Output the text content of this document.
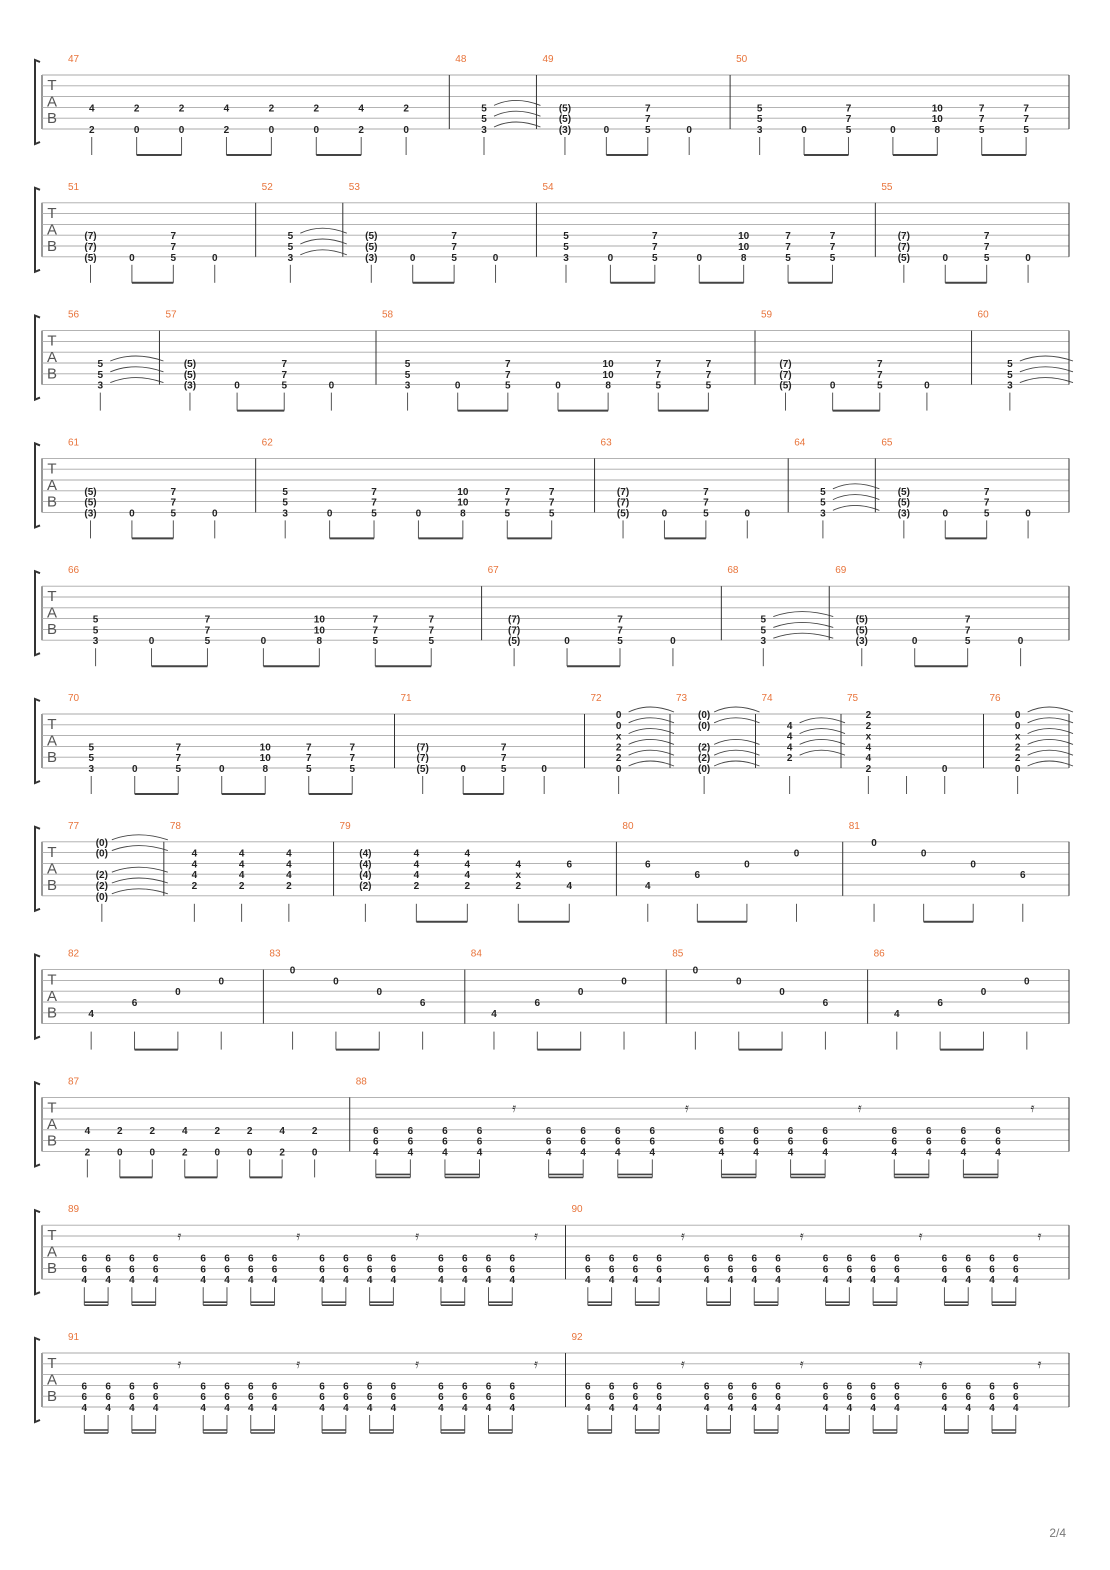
T
A
B
47
4
2
2
0
2
0
4
2
2
0
2
0
4
2
2
0
48
5
5
3
49
(5)
(5)
(3)	0
7
7
5	0
50
5
5
3	0
7
7
5	0
10
10
8
7
7
5
7
7
5
T
A
B
51
(7)
(7)
(5)	0
7
7
5	0
52
5
5
3
53
(5)
(5)
(3)	0
7
7
5	0
54
5
5
3	0
7
7
5	0
10
10
8
7
7
5
7
7
5
55
(7)
(7)
(5)	0
7
7
5	0
T
A
B
56
5
5
3
57
(5)
(5)
(3)	0
7
7
5	0
58
5
5
3	0
7
7
5	0
10
10
8
7
7
5
7
7
5
59
(7)
(7)
(5)	0
7
7
5	0
60
5
5
3
T
A
B
61
(5)
(5)
(3)	0
7
7
5	0
62
5
5
3	0
7
7
5	0
10
10
8
7
7
5
7
7
5
63
(7)
(7)
(5)	0
7
7
5	0
64
5
5
3
65
(5)
(5)
(3)	0
7
7
5	0
T
A
B
66
5
5
3	0
7
7
5	0
10
10
8
7
7
5
7
7
5
67
(7)
(7)
(5)	0
7
7
5	0
68
5
5
3
69
(5)
(5)
(3)	0
7
7
5	0
T
A
B
70
5
5
3	0
7
7
5	0
10
10
8
7
7
5
7
7
5
71
(7)
(7)
(5)	0
7
7
5	0
72
0
0
x
2
2
0
73
(0)
(0)
(2)
(2)
(0)
74
4
4
4
2
75
2
2
x
4
4
2	0
76
0
0
x
2
2
0
T
A
B
77
(0)
(0)
(2)
(2)
(0)
78
4
4
4
2
4
4
4
2
4
4
4
2
79
(4)
(4)
(4)
(2)
4
4
4
2
4
4
4
2
4
x
2
6
4
80
6
4
6
0
0
81
0
0
0
6
T
A
B
82
4
6
0
0
83
0
0
0
6
84
4
6
0
0
85
0
0
0
6
86
4
6
0
0
T
A
B
87
4
2
2
0
2
0
4
2
2
0
2
0
4
2
2
0
88
6
6
4
6
6
4
6
6
4
6
6
4
6
6
4
6
6
4
6
6
4
6
6
4
6
6
4
6
6
4
6
6
4
6
6
4
6
6
4
6
6
4
6
6
4
6
6
4
𝄿	𝄿	𝄿	𝄿
T
A
B
89
6
6
4
6
6
4
6
6
4
6
6
4
6
6
4
6
6
4
6
6
4
6
6
4
6
6
4
6
6
4
6
6
4
6
6
4
6
6
4
6
6
4
6
6
4
6
6
4
𝄿	𝄿	𝄿	𝄿
90
6
6
4
6
6
4
6
6
4
6
6
4
6
6
4
6
6
4
6
6
4
6
6
4
6
6
4
6
6
4
6
6
4
6
6
4
6
6
4
6
6
4
6
6
4
6
6
4
𝄿	𝄿	𝄿	𝄿
T
A
B
91
6
6
4
6
6
4
6
6
4
6
6
4
6
6
4
6
6
4
6
6
4
6
6
4
6
6
4
6
6
4
6
6
4
6
6
4
6
6
4
6
6
4
6
6
4
6
6
4
𝄿	𝄿	𝄿	𝄿
92
6
6
4
6
6
4
6
6
4
6
6
4
6
6
4
6
6
4
6
6
4
6
6
4
6
6
4
6
6
4
6
6
4
6
6
4
6
6
4
6
6
4
6
6
4
6
6
4
𝄿	𝄿	𝄿	𝄿
2/4
